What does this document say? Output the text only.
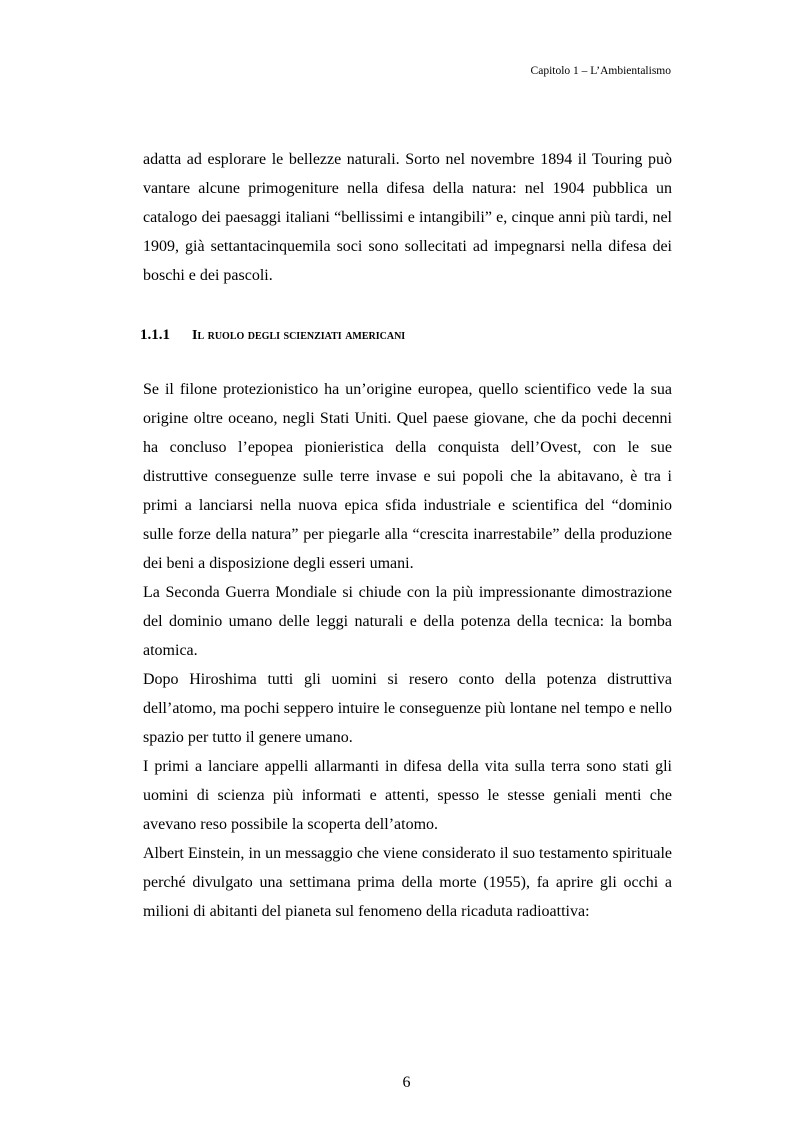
Capitolo 1 – L’Ambientalismo

adatta ad esplorare le bellezze naturali. Sorto nel novembre 1894 il Touring può vantare alcune primogeniture nella difesa della natura: nel 1904 pubblica un catalogo dei paesaggi italiani “bellissimi e intangibili” e, cinque anni più tardi, nel 1909, già settantacinquemila soci sono sollecitati ad impegnarsi nella difesa dei boschi e dei pascoli.

1.1.1 Il ruolo degli scienziati americani

Se il filone protezionistico ha un’origine europea, quello scientifico vede la sua origine oltre oceano, negli Stati Uniti. Quel paese giovane, che da pochi decenni ha concluso l’epopea pionieristica della conquista dell’Ovest, con le sue distruttive conseguenze sulle terre invase e sui popoli che la abitavano, è tra i primi a lanciarsi nella nuova epica sfida industriale e scientifica del “dominio sulle forze della natura” per piegarle alla “crescita inarrestabile” della produzione dei beni a disposizione degli esseri umani.

La Seconda Guerra Mondiale si chiude con la più impressionante dimostrazione del dominio umano delle leggi naturali e della potenza della tecnica: la bomba atomica.

Dopo Hiroshima tutti gli uomini si resero conto della potenza distruttiva dell’atomo, ma pochi seppero intuire le conseguenze più lontane nel tempo e nello spazio per tutto il genere umano.

I primi a lanciare appelli allarmanti in difesa della vita sulla terra sono stati gli uomini di scienza più informati e attenti, spesso le stesse geniali menti che avevano reso possibile la scoperta dell’atomo.

Albert Einstein, in un messaggio che viene considerato il suo testamento spirituale perché divulgato una settimana prima della morte (1955), fa aprire gli occhi a milioni di abitanti del pianeta sul fenomeno della ricaduta radioattiva:

6
